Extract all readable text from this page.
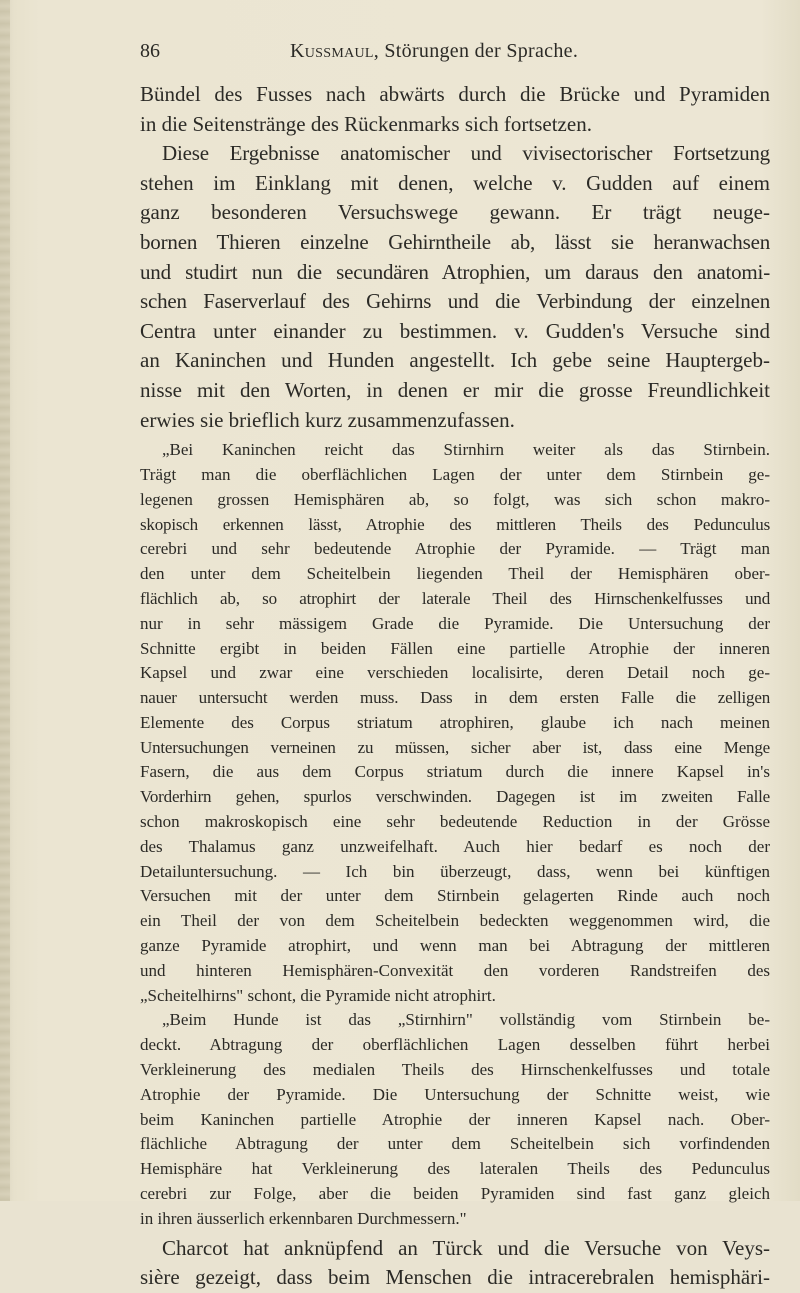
86	Kussmaul, Störungen der Sprache.
Bündel des Fusses nach abwärts durch die Brücke und Pyramiden
in die Seitenstränge des Rückenmarks sich fortsetzen.
Diese Ergebnisse anatomischer und vivisectorischer Fortsetzung
stehen im Einklang mit denen, welche v. Gudden auf einem
ganz besonderen Versuchswege gewann. Er trägt neuge-
bornen Thieren einzelne Gehirntheile ab, lässt sie heranwachsen
und studirt nun die secundären Atrophien, um daraus den anatomi-
schen Faserverlauf des Gehirns und die Verbindung der einzelnen
Centra unter einander zu bestimmen. v. Gudden's Versuche sind
an Kaninchen und Hunden angestellt. Ich gebe seine Hauptergeb-
nisse mit den Worten, in denen er mir die grosse Freundlichkeit
erwies sie brieflich kurz zusammenzufassen.
„Bei Kaninchen reicht das Stirnhirn weiter als das Stirnbein.
Trägt man die oberflächlichen Lagen der unter dem Stirnbein ge-
legenen grossen Hemisphären ab, so folgt, was sich schon makro-
skopisch erkennen lässt, Atrophie des mittleren Theils des Pedunculus
cerebri und sehr bedeutende Atrophie der Pyramide. — Trägt man
den unter dem Scheitelbein liegenden Theil der Hemisphären ober-
flächlich ab, so atrophirt der laterale Theil des Hirnschenkelfusses und
nur in sehr mässigem Grade die Pyramide. Die Untersuchung der
Schnitte ergibt in beiden Fällen eine partielle Atrophie der inneren
Kapsel und zwar eine verschieden localisirte, deren Detail noch ge-
nauer untersucht werden muss. Dass in dem ersten Falle die zelligen
Elemente des Corpus striatum atrophiren, glaube ich nach meinen
Untersuchungen verneinen zu müssen, sicher aber ist, dass eine Menge
Fasern, die aus dem Corpus striatum durch die innere Kapsel in's
Vorderhirn gehen, spurlos verschwinden. Dagegen ist im zweiten Falle
schon makroskopisch eine sehr bedeutende Reduction in der Grösse
des Thalamus ganz unzweifelhaft. Auch hier bedarf es noch der
Detailuntersuchung. — Ich bin überzeugt, dass, wenn bei künftigen
Versuchen mit der unter dem Stirnbein gelagerten Rinde auch noch
ein Theil der von dem Scheitelbein bedeckten weggenommen wird, die
ganze Pyramide atrophirt, und wenn man bei Abtragung der mittleren
und hinteren Hemisphären-Convexität den vorderen Randstreifen des
„Scheitelhirns" schont, die Pyramide nicht atrophirt.
„Beim Hunde ist das „Stirnhirn" vollständig vom Stirnbein be-
deckt. Abtragung der oberflächlichen Lagen desselben führt herbei
Verkleinerung des medialen Theils des Hirnschenkelfusses und totale
Atrophie der Pyramide. Die Untersuchung der Schnitte weist, wie
beim Kaninchen partielle Atrophie der inneren Kapsel nach. Ober-
flächliche Abtragung der unter dem Scheitelbein sich vorfindenden
Hemisphäre hat Verkleinerung des lateralen Theils des Pedunculus
cerebri zur Folge, aber die beiden Pyramiden sind fast ganz gleich
in ihren äusserlich erkennbaren Durchmessern."
Charcot hat anknüpfend an Türck und die Versuche von Veys-
sière gezeigt, dass beim Menschen die intracerebralen hemisphäri-
